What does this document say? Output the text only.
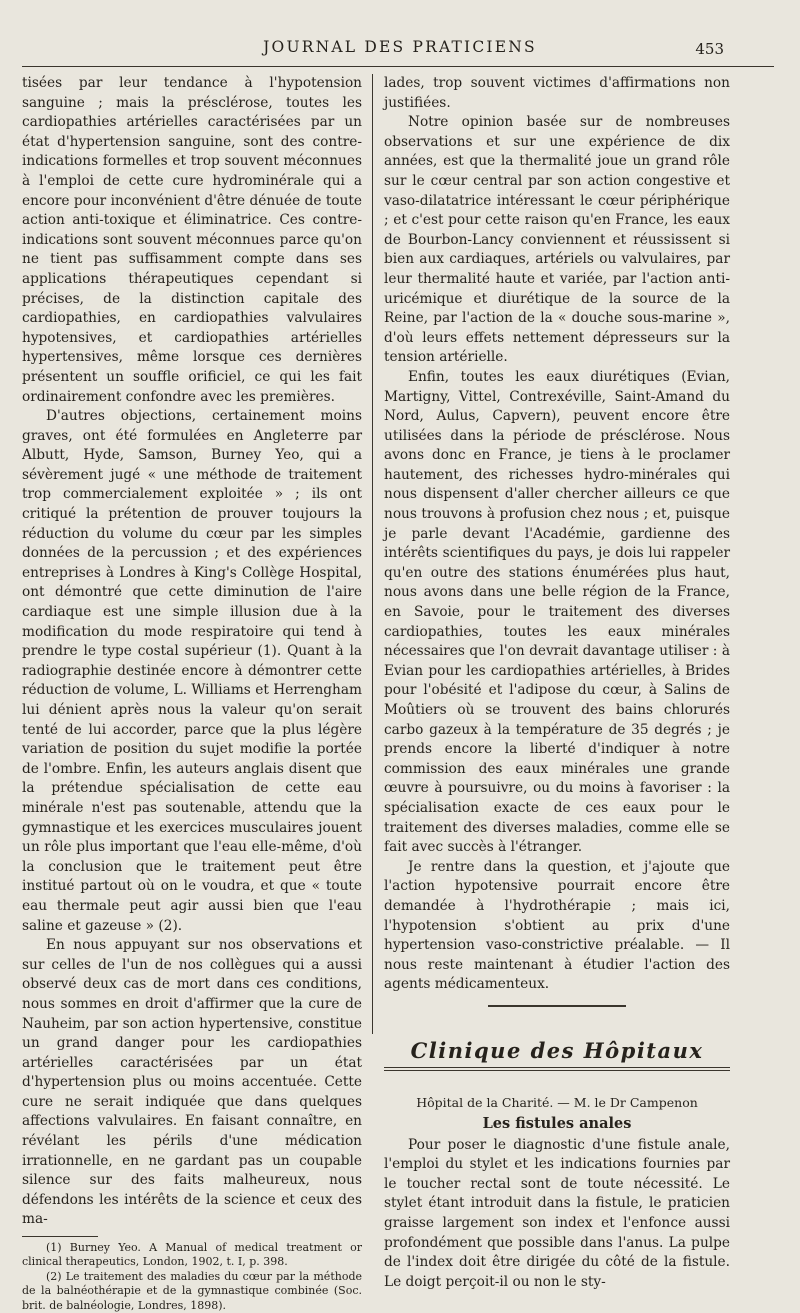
JOURNAL DES PRATICIENS	453

tisées par leur tendance à l'hypotension sanguine ; mais la présclérose, toutes les cardiopathies artérielles caractérisées par un état d'hypertension sanguine, sont des contre-indications formelles et trop souvent méconnues à l'emploi de cette cure hydrominérale qui a encore pour inconvénient d'être dénuée de toute action anti-toxique et éliminatrice. Ces contre-indications sont souvent méconnues parce qu'on ne tient pas suffisamment compte dans ses applications thérapeutiques cependant si précises, de la distinction capitale des cardiopathies, en cardiopathies valvulaires hypotensives, et cardiopathies artérielles hypertensives, même lorsque ces dernières présentent un souffle orificiel, ce qui les fait ordinairement confondre avec les premières.

D'autres objections, certainement moins graves, ont été formulées en Angleterre par Albutt, Hyde, Samson, Burney Yeo, qui a sévèrement jugé « une méthode de traitement trop commercialement exploitée » ; ils ont critiqué la prétention de prouver toujours la réduction du volume du cœur par les simples données de la percussion ; et des expériences entreprises à Londres à King's Collège Hospital, ont démontré que cette diminution de l'aire cardiaque est une simple illusion due à la modification du mode respiratoire qui tend à prendre le type costal supérieur (1). Quant à la radiographie destinée encore à démontrer cette réduction de volume, L. Williams et Herrengham lui dénient après nous la valeur qu'on serait tenté de lui accorder, parce que la plus légère variation de position du sujet modifie la portée de l'ombre. Enfin, les auteurs anglais disent que la prétendue spécialisation de cette eau minérale n'est pas soutenable, attendu que la gymnastique et les exercices musculaires jouent un rôle plus important que l'eau elle-même, d'où la conclusion que le traitement peut être institué partout où on le voudra, et que « toute eau thermale peut agir aussi bien que l'eau saline et gazeuse » (2).

En nous appuyant sur nos observations et sur celles de l'un de nos collègues qui a aussi observé deux cas de mort dans ces conditions, nous sommes en droit d'affirmer que la cure de Nauheim, par son action hypertensive, constitue un grand danger pour les cardiopathies artérielles caractérisées par un état d'hypertension plus ou moins accentuée. Cette cure ne serait indiquée que dans quelques affections valvulaires. En faisant connaître, en révélant les périls d'une médication irrationnelle, en ne gardant pas un coupable silence sur des faits malheureux, nous défendons les intérêts de la science et ceux des ma-

(1) Burney Yeo. A Manual of medical treatment or clinical therapeutics, London, 1902, t. I, p. 398.

(2) Le traitement des maladies du cœur par la méthode de la balnéothérapie et de la gymnastique combinée (Soc. brit. de balnéologie, Londres, 1898).

lades, trop souvent victimes d'affirmations non justifiées.

Notre opinion basée sur de nombreuses observations et sur une expérience de dix années, est que la thermalité joue un grand rôle sur le cœur central par son action congestive et vaso-dilatatrice intéressant le cœur périphérique ; et c'est pour cette raison qu'en France, les eaux de Bourbon-Lancy conviennent et réussissent si bien aux cardiaques, artériels ou valvulaires, par leur thermalité haute et variée, par l'action anti-uricémique et diurétique de la source de la Reine, par l'action de la « douche sous-marine », d'où leurs effets nettement dépresseurs sur la tension artérielle.

Enfin, toutes les eaux diurétiques (Evian, Martigny, Vittel, Contrexéville, Saint-Amand du Nord, Aulus, Capvern), peuvent encore être utilisées dans la période de présclérose. Nous avons donc en France, je tiens à le proclamer hautement, des richesses hydro-minérales qui nous dispensent d'aller chercher ailleurs ce que nous trouvons à profusion chez nous ; et, puisque je parle devant l'Académie, gardienne des intérêts scientifiques du pays, je dois lui rappeler qu'en outre des stations énumérées plus haut, nous avons dans une belle région de la France, en Savoie, pour le traitement des diverses cardiopathies, toutes les eaux minérales nécessaires que l'on devrait davantage utiliser : à Evian pour les cardiopathies artérielles, à Brides pour l'obésité et l'adipose du cœur, à Salins de Moûtiers où se trouvent des bains chlorurés carbo gazeux à la température de 35 degrés ; je prends encore la liberté d'indiquer à notre commission des eaux minérales une grande œuvre à poursuivre, ou du moins à favoriser : la spécialisation exacte de ces eaux pour le traitement des diverses maladies, comme elle se fait avec succès à l'étranger.

Je rentre dans la question, et j'ajoute que l'action hypotensive pourrait encore être demandée à l'hydrothérapie ; mais ici, l'hypotension s'obtient au prix d'une hypertension vaso-constrictive préalable. — Il nous reste maintenant à étudier l'action des agents médicamenteux.

Clinique des Hôpitaux
Hôpital de la Charité. — M. le Dr Campenon
Les fistules anales

Pour poser le diagnostic d'une fistule anale, l'emploi du stylet et les indications fournies par le toucher rectal sont de toute nécessité. Le stylet étant introduit dans la fistule, le praticien graisse largement son index et l'enfonce aussi profondément que possible dans l'anus. La pulpe de l'index doit être dirigée du côté de la fistule. Le doigt perçoit-il ou non le sty-
